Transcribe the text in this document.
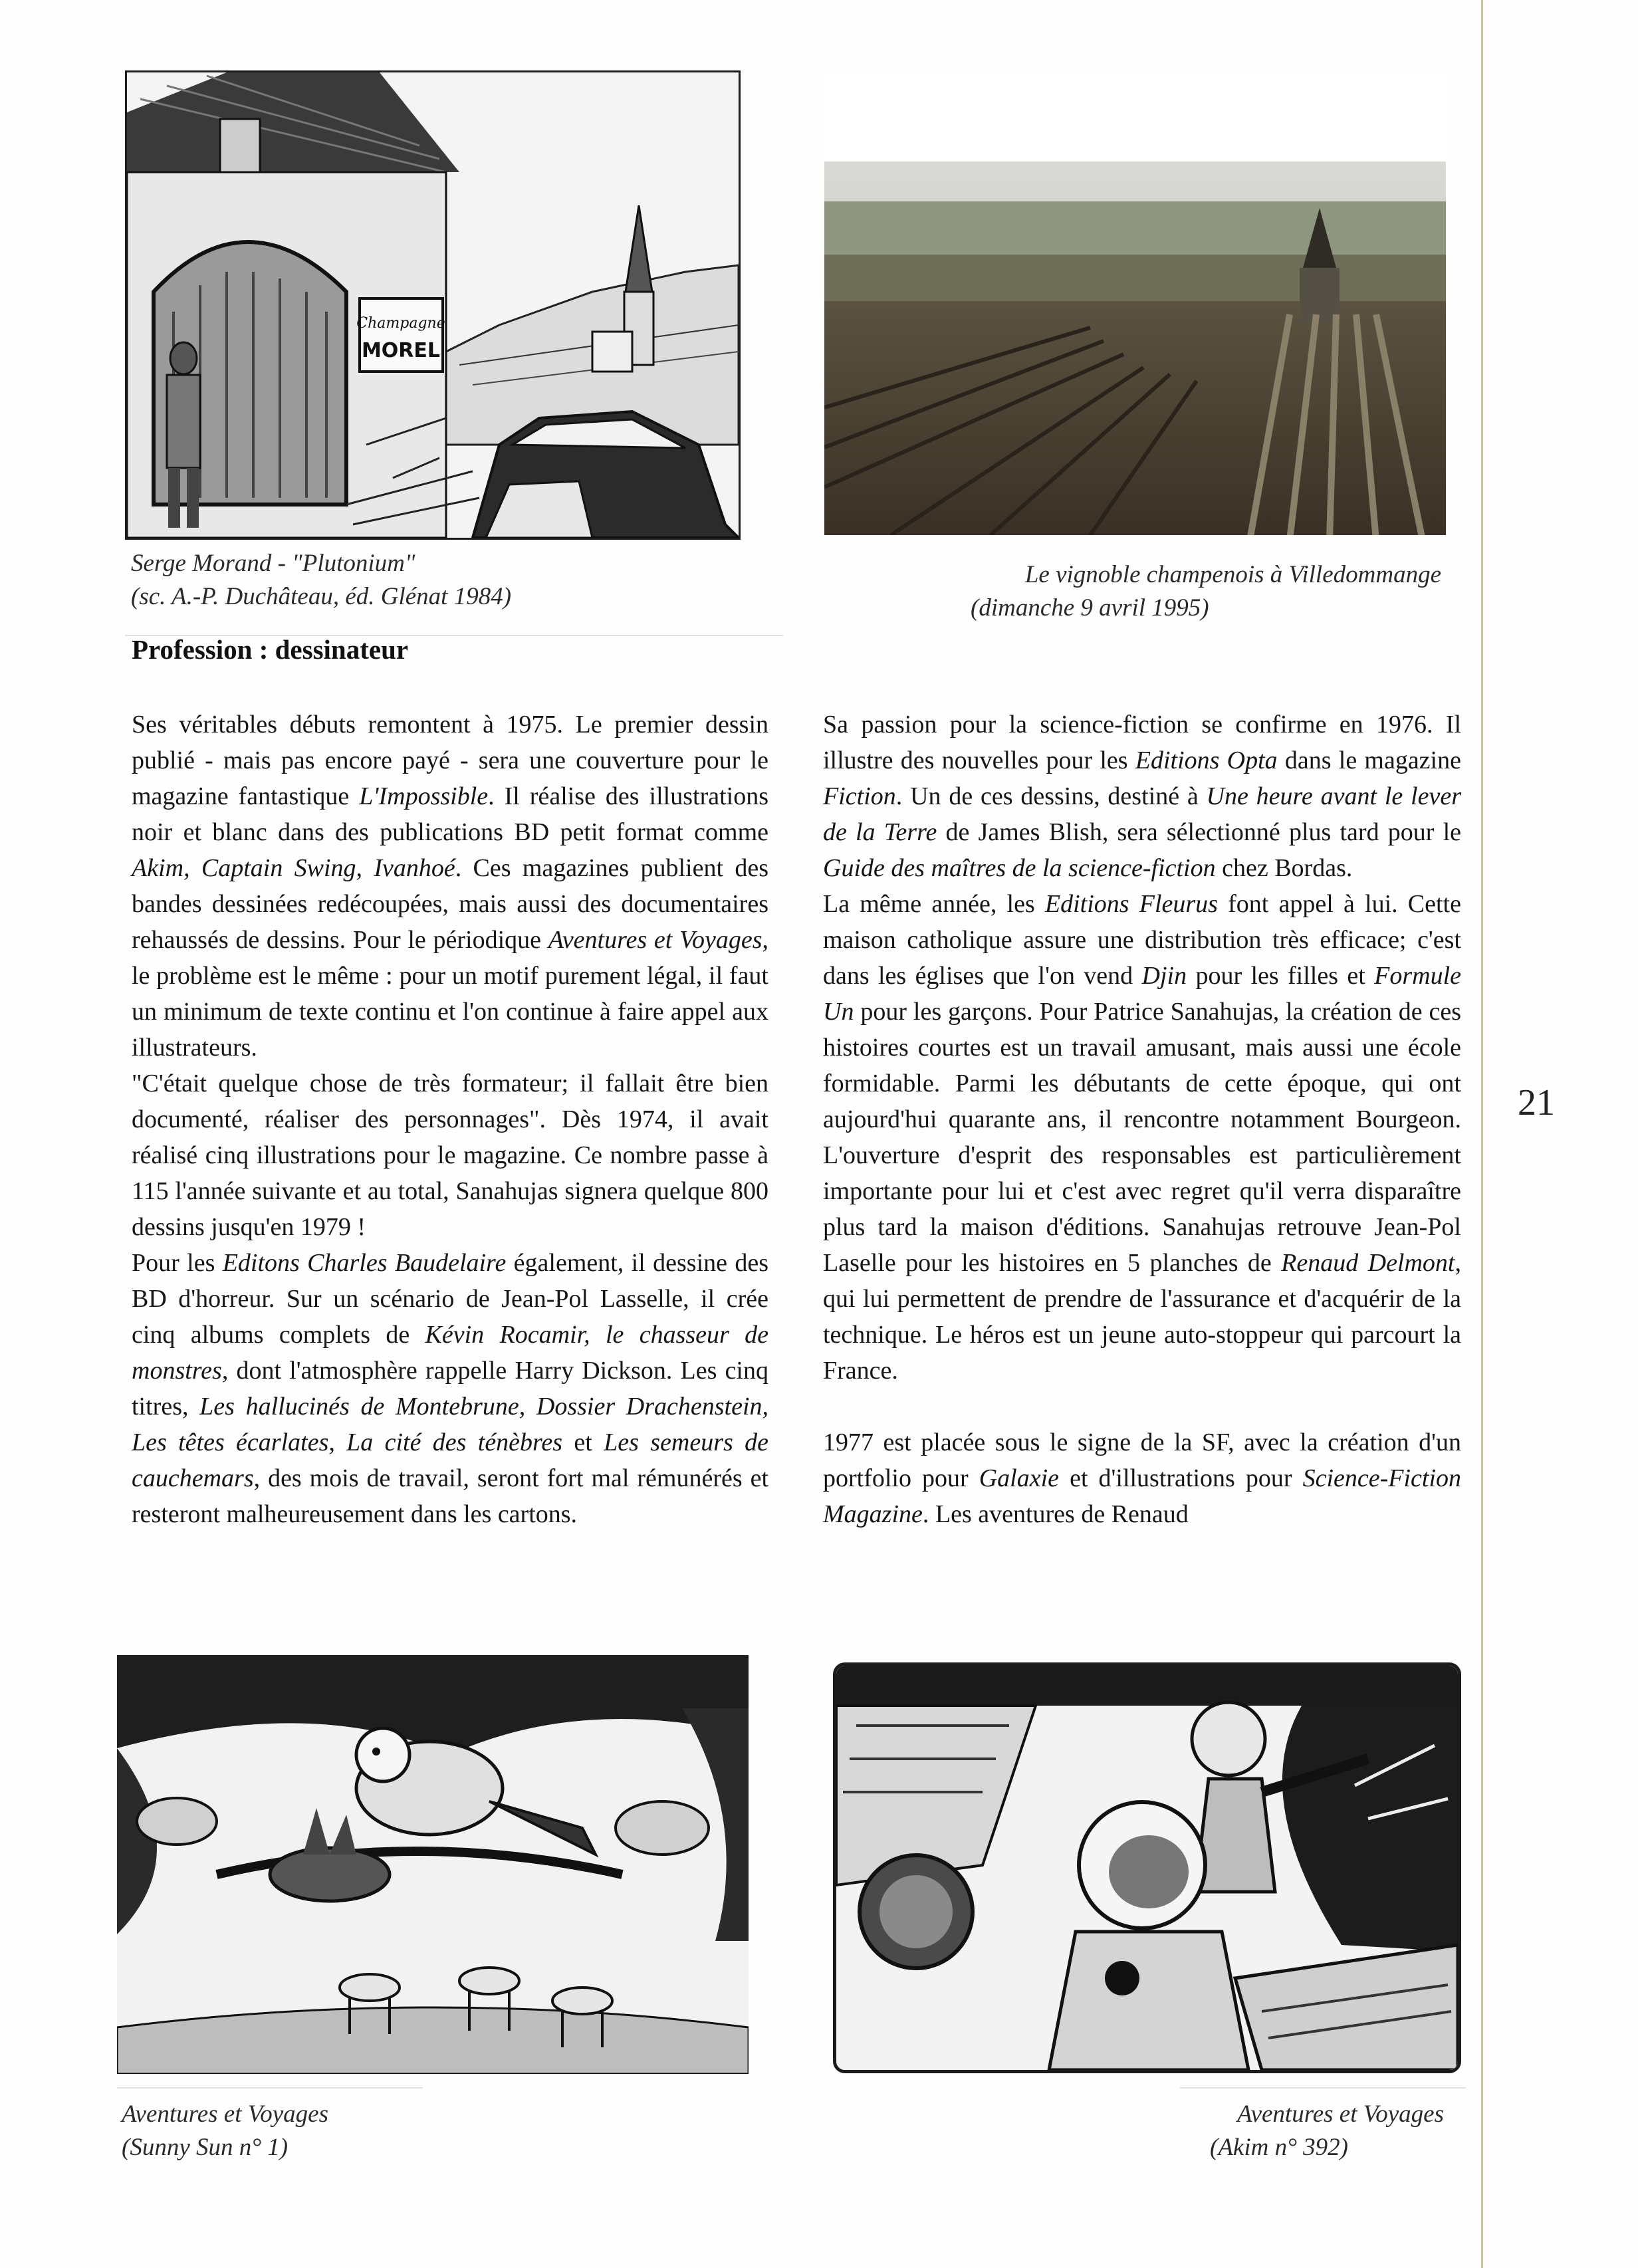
Champagne
MOREL
Serge Morand - "Plutonium"
(sc. A.-P. Duchâteau, éd. Glénat 1984)
Le vignoble champenois à Villedommange
(dimanche 9 avril 1995)
Profession : dessinateur

Ses véritables débuts remontent à 1975. Le premier dessin publié - mais pas encore payé - sera une couverture pour le magazine fantastique L'Impossible. Il réalise des illustrations noir et blanc dans des publications BD petit format comme Akim, Captain Swing, Ivanhoé. Ces magazines publient des bandes dessinées redécoupées, mais aussi des documentaires rehaussés de dessins. Pour le périodique Aventures et Voyages, le problème est le même : pour un motif purement légal, il faut un minimum de texte continu et l'on continue à faire appel aux illustrateurs.

"C'était quelque chose de très formateur; il fallait être bien documenté, réaliser des personnages". Dès 1974, il avait réalisé cinq illustrations pour le magazine. Ce nombre passe à 115 l'année suivante et au total, Sanahujas signera quelque 800 dessins jusqu'en 1979 !

Pour les Editons Charles Baudelaire également, il dessine des BD d'horreur. Sur un scénario de Jean-Pol Lasselle, il crée cinq albums complets de Kévin Rocamir, le chasseur de monstres, dont l'atmosphère rappelle Harry Dickson. Les cinq titres, Les hallucinés de Montebrune, Dossier Drachenstein, Les têtes écarlates, La cité des ténèbres et Les semeurs de cauchemars, des mois de travail, seront fort mal rémunérés et resteront malheureusement dans les cartons.

Sa passion pour la science-fiction se confirme en 1976. Il illustre des nouvelles pour les Editions Opta dans le magazine Fiction. Un de ces dessins, destiné à Une heure avant le lever de la Terre de James Blish, sera sélectionné plus tard pour le Guide des maîtres de la science-fiction chez Bordas.

La même année, les Editions Fleurus font appel à lui. Cette maison catholique assure une distribution très efficace; c'est dans les églises que l'on vend Djin pour les filles et Formule Un pour les garçons. Pour Patrice Sanahujas, la création de ces histoires courtes est un travail amusant, mais aussi une école formidable. Parmi les débutants de cette époque, qui ont aujourd'hui quarante ans, il rencontre notamment Bourgeon. L'ouverture d'esprit des responsables est particulièrement importante pour lui et c'est avec regret qu'il verra disparaître plus tard la maison d'éditions. Sanahujas retrouve Jean-Pol Laselle pour les histoires en 5 planches de Renaud Delmont, qui lui permettent de prendre de l'assurance et d'acquérir de la technique. Le héros est un jeune auto-stoppeur qui parcourt la France.

1977 est placée sous le signe de la SF, avec la création d'un portfolio pour Galaxie et d'illustrations pour Science-Fiction Magazine. Les aventures de Renaud

21
Aventures et Voyages
(Sunny Sun n° 1)
Aventures et Voyages
(Akim n° 392)
